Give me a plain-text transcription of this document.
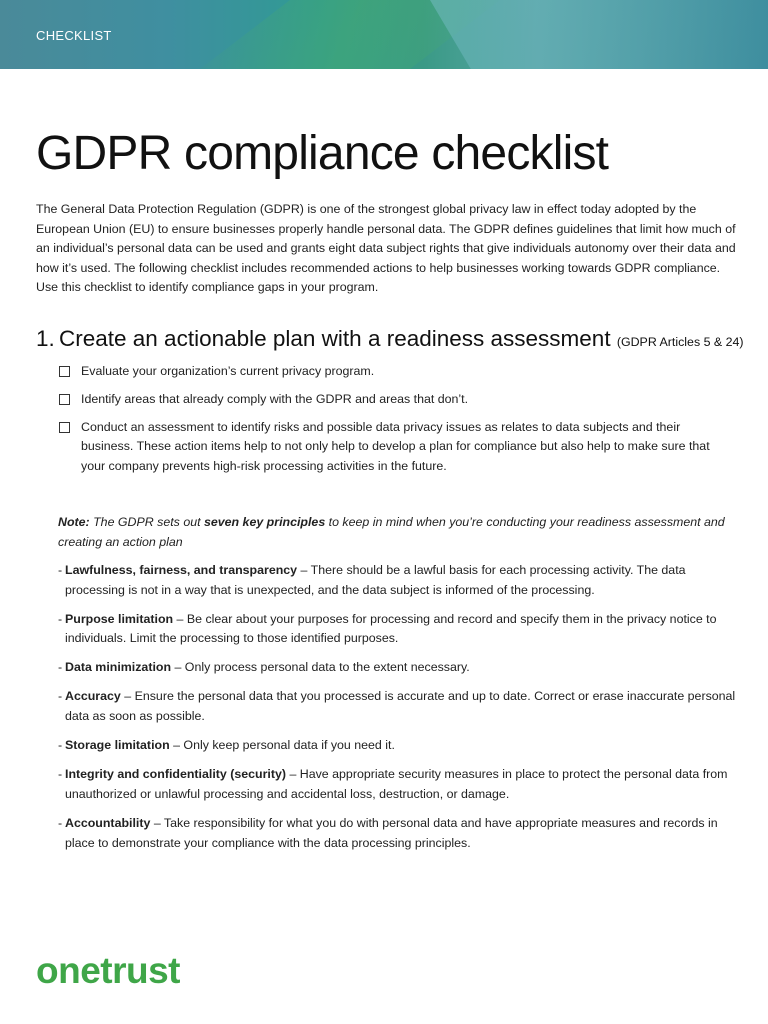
CHECKLIST
GDPR compliance checklist

The General Data Protection Regulation (GDPR) is one of the strongest global privacy law in effect today adopted by the European Union (EU) to ensure businesses properly handle personal data. The GDPR defines guidelines that limit how much of an individual’s personal data can be used and grants eight data subject rights that give individuals autonomy over their data and how it’s used. The following checklist includes recommended actions to help businesses working towards GDPR compliance. Use this checklist to identify compliance gaps in your program.

1. Create an actionable plan with a readiness assessment (GDPR Articles 5 & 24)
Evaluate your organization’s current privacy program.
Identify areas that already comply with the GDPR and areas that don’t.
Conduct an assessment to identify risks and possible data privacy issues as relates to data subjects and their business. These action items help to not only help to develop a plan for compliance but also help to make sure that your company prevents high-risk processing activities in the future.

Note: The GDPR sets out seven key principles to keep in mind when you’re conducting your readiness assessment and creating an action plan

- Lawfulness, fairness, and transparency – There should be a lawful basis for each processing activity. The data processing is not in a way that is unexpected, and the data subject is informed of the processing.
- Purpose limitation – Be clear about your purposes for processing and record and specify them in the privacy notice to individuals. Limit the processing to those identified purposes.
- Data minimization – Only process personal data to the extent necessary.
- Accuracy – Ensure the personal data that you processed is accurate and up to date. Correct or erase inaccurate personal data as soon as possible.
- Storage limitation – Only keep personal data if you need it.
- Integrity and confidentiality (security) – Have appropriate security measures in place to protect the personal data from unauthorized or unlawful processing and accidental loss, destruction, or damage.
- Accountability – Take responsibility for what you do with personal data and have appropriate measures and records in place to demonstrate your compliance with the data processing principles.
onetrust
